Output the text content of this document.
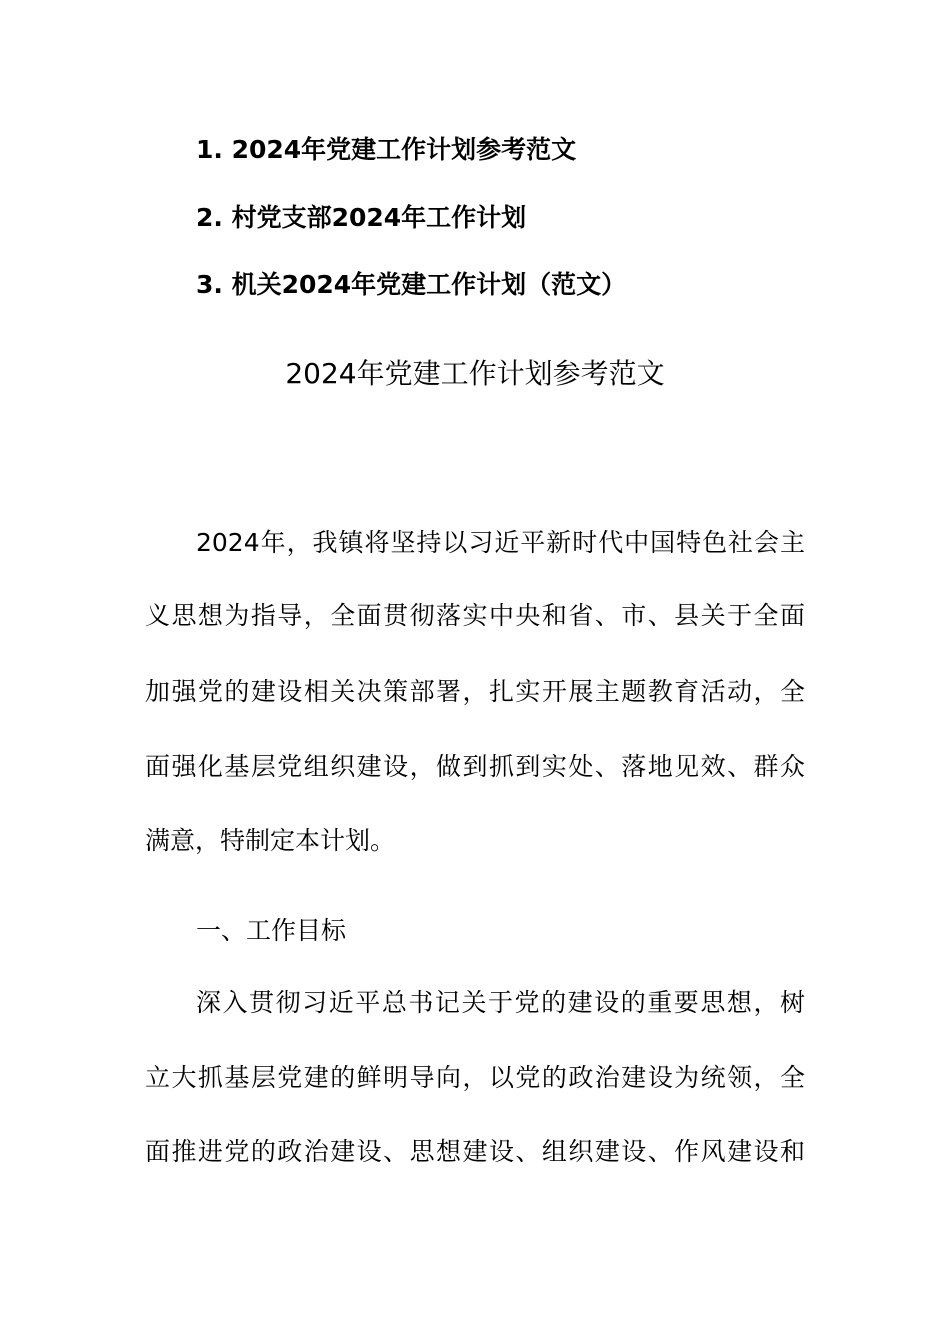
1. 2024年党建工作计划参考范文
2. 村党支部2024年工作计划
3. 机关2024年党建工作计划（范文）
2024年党建工作计划参考范文
2024年，我镇将坚持以习近平新时代中国特色社会主
义思想为指导，全面贯彻落实中央和省、市、县关于全面
加强党的建设相关决策部署，扎实开展主题教育活动，全
面强化基层党组织建设，做到抓到实处、落地见效、群众
满意，特制定本计划。
一、工作目标
深入贯彻习近平总书记关于党的建设的重要思想，树
立大抓基层党建的鲜明导向，以党的政治建设为统领，全
面推进党的政治建设、思想建设、组织建设、作风建设和
